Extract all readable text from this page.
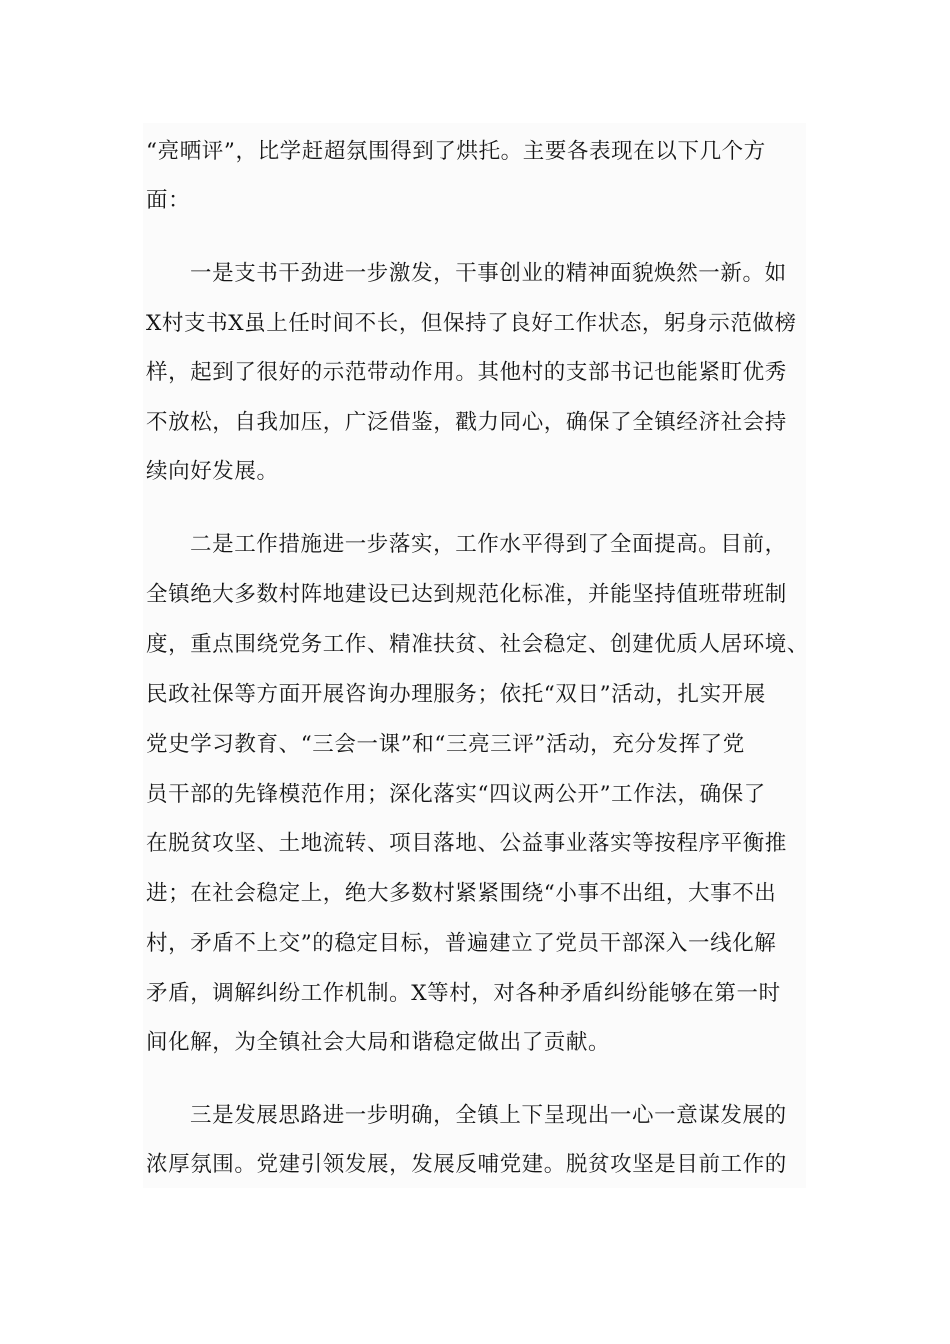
“亮晒评”，比学赶超氛围得到了烘托。主要各表现在以下几个方
面：
一是支书干劲进一步激发，干事创业的精神面貌焕然一新。如
X村支书X虽上任时间不长，但保持了良好工作状态，躬身示范做榜
样，起到了很好的示范带动作用。其他村的支部书记也能紧盯优秀
不放松，自我加压，广泛借鉴，戳力同心，确保了全镇经济社会持
续向好发展。
二是工作措施进一步落实，工作水平得到了全面提高。目前，
全镇绝大多数村阵地建设已达到规范化标准，并能坚持值班带班制
度，重点围绕党务工作、精准扶贫、社会稳定、创建优质人居环境、
民政社保等方面开展咨询办理服务；依托“双日”活动，扎实开展
党史学习教育、“三会一课”和“三亮三评”活动，充分发挥了党
员干部的先锋模范作用；深化落实“四议两公开”工作法，确保了
在脱贫攻坚、土地流转、项目落地、公益事业落实等按程序平衡推
进；在社会稳定上，绝大多数村紧紧围绕“小事不出组，大事不出
村，矛盾不上交”的稳定目标，普遍建立了党员干部深入一线化解
矛盾，调解纠纷工作机制。X等村，对各种矛盾纠纷能够在第一时
间化解，为全镇社会大局和谐稳定做出了贡献。
三是发展思路进一步明确，全镇上下呈现出一心一意谋发展的
浓厚氛围。党建引领发展，发展反哺党建。脱贫攻坚是目前工作的
